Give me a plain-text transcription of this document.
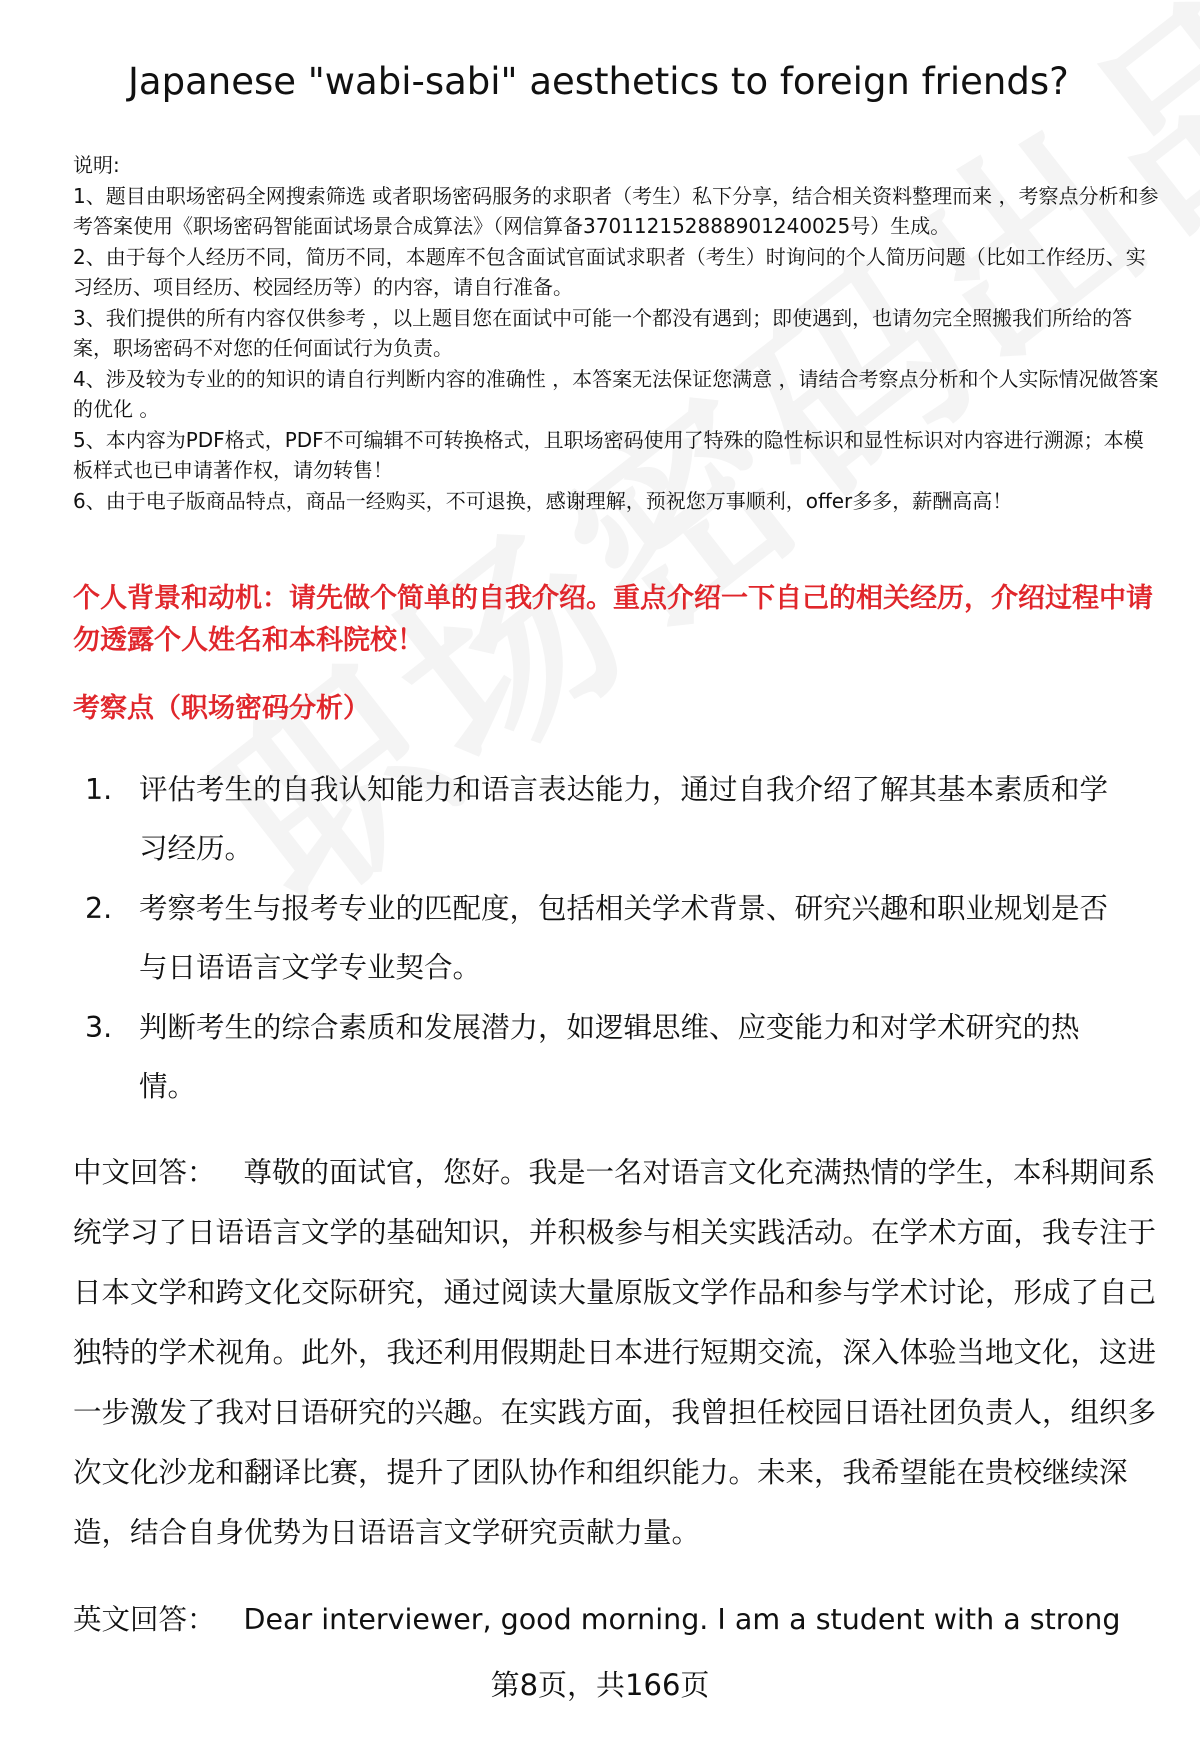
Japanese "wabi-sabi" aesthetics to foreign friends?

说明:

1、题目由职场密码全网搜索筛选 或者职场密码服务的求职者（考生）私下分享，结合相关资料整理而来 ，考察点分析和参考答案使用《职场密码智能面试场景合成算法》（网信算备370112152888901240025号）生成。

2、由于每个人经历不同，简历不同，本题库不包含面试官面试求职者（考生）时询问的个人简历问题（比如工作经历、实习经历、项目经历、校园经历等）的内容，请自行准备。

3、我们提供的所有内容仅供参考 ，以上题目您在面试中可能一个都没有遇到；即使遇到，也请勿完全照搬我们所给的答案，职场密码不对您的任何面试行为负责。

4、涉及较为专业的的知识的请自行判断内容的准确性 ，本答案无法保证您满意 ，请结合考察点分析和个人实际情况做答案的优化 。

5、本内容为PDF格式，PDF不可编辑不可转换格式，且职场密码使用了特殊的隐性标识和显性标识对内容进行溯源；本模板样式也已申请著作权，请勿转售！

6、由于电子版商品特点，商品一经购买，不可退换，感谢理解，预祝您万事顺利，offer多多，薪酬高高！

个人背景和动机：请先做个简单的自我介绍。重点介绍一下自己的相关经历，介绍过程中请勿透露个人姓名和本科院校！
考察点（职场密码分析）
1. 评估考生的自我认知能力和语言表达能力，通过自我介绍了解其基本素质和学习经历。
2. 考察考生与报考专业的匹配度，包括相关学术背景、研究兴趣和职业规划是否与日语语言文学专业契合。
3. 判断考生的综合素质和发展潜力，如逻辑思维、应变能力和对学术研究的热情。

中文回答： 尊敬的面试官，您好。我是一名对语言文化充满热情的学生，本科期间系统学习了日语语言文学的基础知识，并积极参与相关实践活动。在学术方面，我专注于日本文学和跨文化交际研究，通过阅读大量原版文学作品和参与学术讨论，形成了自己独特的学术视角。此外，我还利用假期赴日本进行短期交流，深入体验当地文化，这进一步激发了我对日语研究的兴趣。在实践方面，我曾担任校园日语社团负责人，组织多次文化沙龙和翻译比赛，提升了团队协作和组织能力。未来，我希望能在贵校继续深造，结合自身优势为日语语言文学研究贡献力量。

英文回答： Dear interviewer, good morning. I am a student with a strong

第8页，共166页
